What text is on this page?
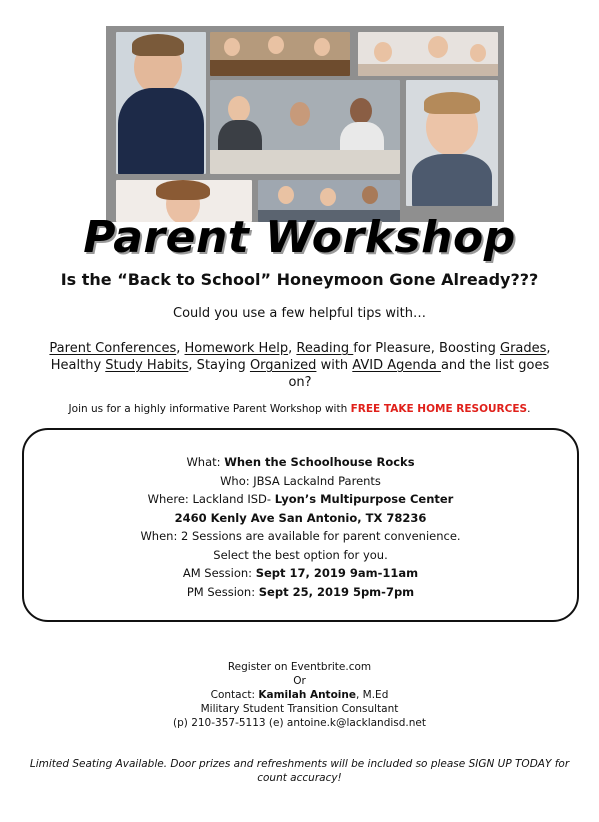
Parent Workshop

Is the “Back to School” Honeymoon Gone Already???

Could you use a few helpful tips with…

Parent Conferences, Homework Help, Reading for Pleasure, Boosting Grades, Healthy Study Habits, Staying Organized with AVID Agenda and the list goes on?

Join us for a highly informative Parent Workshop with FREE TAKE HOME RESOURCES.

What: When the Schoolhouse Rocks
Who: JBSA Lackalnd Parents
Where: Lackland ISD- Lyon’s Multipurpose Center
2460 Kenly Ave San Antonio, TX 78236
When: 2 Sessions are available for parent convenience.
Select the best option for you.
AM Session: Sept 17, 2019 9am-11am
PM Session: Sept 25, 2019 5pm-7pm
Register on Eventbrite.com
Or
Contact: Kamilah Antoine, M.Ed
Military Student Transition Consultant
(p) 210-357-5113 (e) antoine.k@lacklandisd.net
Limited Seating Available. Door prizes and refreshments will be included so please SIGN UP TODAY for count accuracy!
